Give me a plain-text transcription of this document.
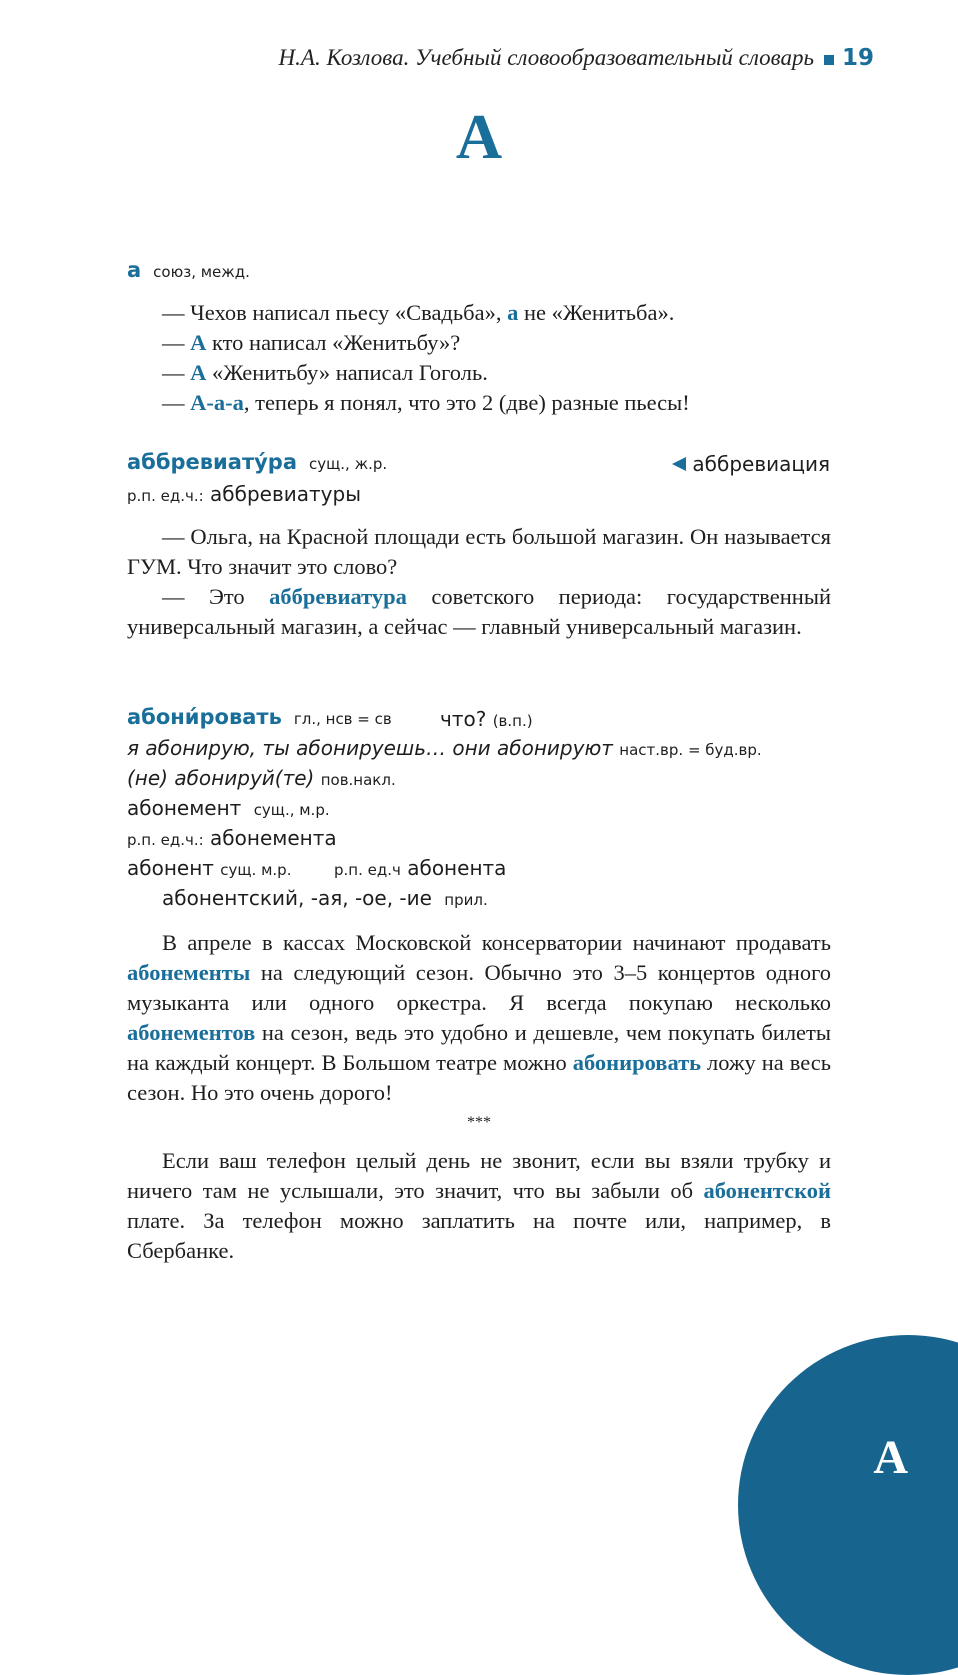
Н.А. Козлова. Учебный словообразовательный словарь 19
А
а союз, межд.
— Чехов написал пьесу «Свадьба», а не «Женитьба».
— А кто написал «Женитьбу»?
— А «Женитьбу» написал Гоголь.
— А-а-а, теперь я понял, что это 2 (две) разные пьесы!
аббревиату́ра сущ., ж.р.	аббревиация
р.п. ед.ч.: аббревиатуры
— Ольга, на Красной площади есть большой магазин. Он называется ГУМ. Что значит это слово?
— Это аббревиатура советского периода: государственный универсальный магазин, а сейчас — главный универсальный магазин.
абони́ровать гл., нсв = св что? (в.п.)
я абонирую, ты абонируешь… они абонируют наст.вр. = буд.вр.
(не) абонируй(те) пов.накл.
абонемент сущ., м.р.
р.п. ед.ч.: абонемента
абонент сущ. м.р.	р.п. ед.ч абонента
абонентский, -ая, -ое, -ие прил.
В апреле в кассах Московской консерватории начинают продавать абонементы на следующий сезон. Обычно это 3–5 концертов одного музыканта или одного оркестра. Я всегда покупаю несколько абонементов на сезон, ведь это удобно и дешевле, чем покупать билеты на каждый концерт. В Большом театре можно абонировать ложу на весь сезон. Но это очень дорого!
***
Если ваш телефон целый день не звонит, если вы взяли трубку и ничего там не услышали, это значит, что вы забыли об абонентской плате. За телефон можно заплатить на почте или, например, в Сбербанке.
А
